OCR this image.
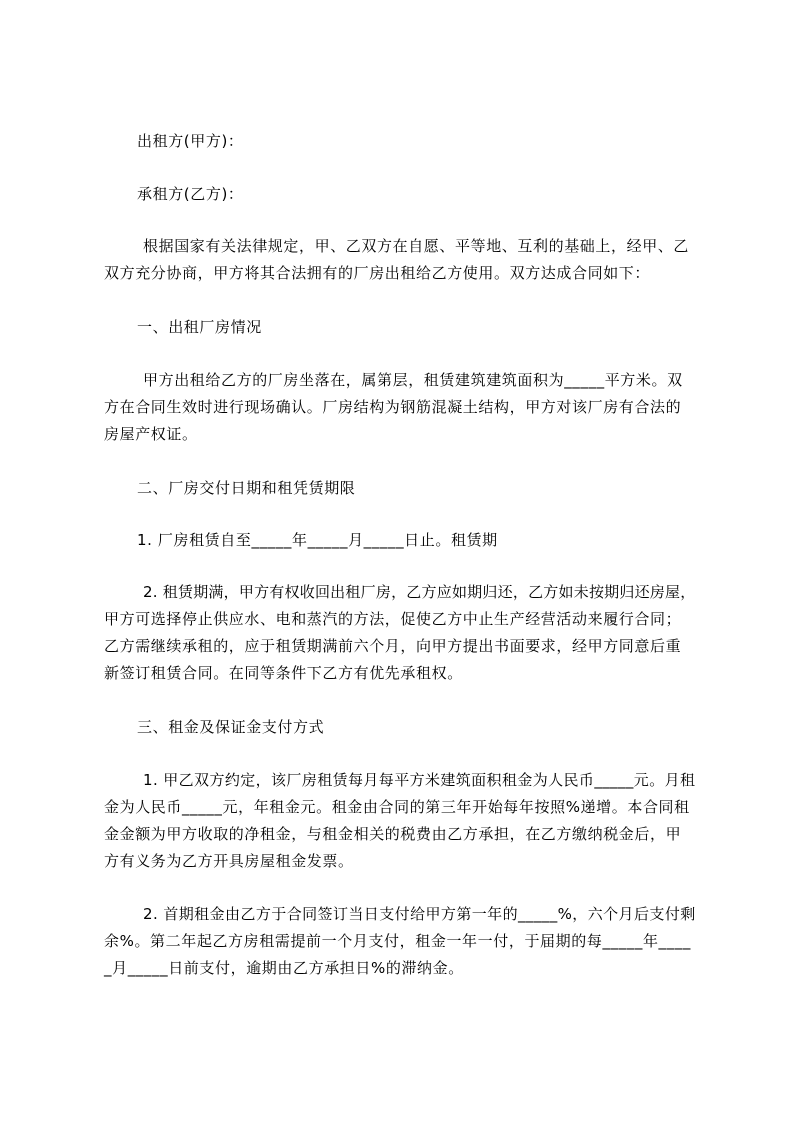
出租方(甲方)：
承租方(乙方)：
根据国家有关法律规定，甲、乙双方在自愿、平等地、互利的基础上，经甲、乙
双方充分协商，甲方将其合法拥有的厂房出租给乙方使用。双方达成合同如下：
一、出租厂房情况
甲方出租给乙方的厂房坐落在，属第层，租赁建筑建筑面积为_____平方米。双
方在合同生效时进行现场确认。厂房结构为钢筋混凝土结构，甲方对该厂房有合法的
房屋产权证。
二、厂房交付日期和租凭赁期限
1. 厂房租赁自至_____年_____月_____日止。租赁期
2. 租赁期满，甲方有权收回出租厂房，乙方应如期归还，乙方如未按期归还房屋，
甲方可选择停止供应水、电和蒸汽的方法，促使乙方中止生产经营活动来履行合同；
乙方需继续承租的，应于租赁期满前六个月，向甲方提出书面要求，经甲方同意后重
新签订租赁合同。在同等条件下乙方有优先承租权。
三、租金及保证金支付方式
1. 甲乙双方约定，该厂房租赁每月每平方米建筑面积租金为人民币_____元。月租
金为人民币_____元，年租金元。租金由合同的第三年开始每年按照%递增。本合同租
金金额为甲方收取的净租金，与租金相关的税费由乙方承担，在乙方缴纳税金后，甲
方有义务为乙方开具房屋租金发票。
2. 首期租金由乙方于合同签订当日支付给甲方第一年的_____%，六个月后支付剩
余%。第二年起乙方房租需提前一个月支付，租金一年一付，于届期的每_____年____
_月_____日前支付，逾期由乙方承担日%的滞纳金。
